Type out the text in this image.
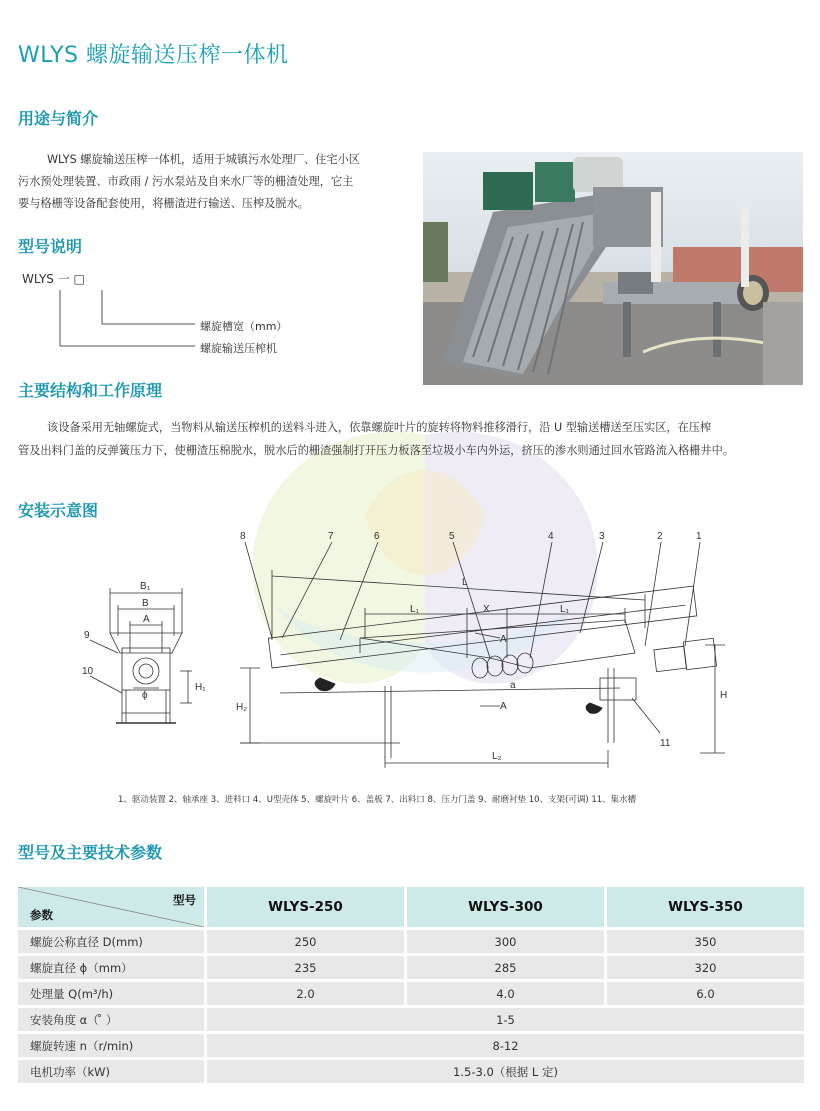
WLYS 螺旋输送压榨一体机
用途与简介
WLYS 螺旋输送压榨一体机，适用于城镇污水处理厂、住宅小区
污水预处理装置、市政雨 / 污水泵站及自来水厂等的栅渣处理，它主
要与格栅等设备配套使用，将栅渣进行输送、压榨及脱水。
型号说明
WLYS 一 □
螺旋槽宽（mm）
螺旋输送压榨机
主要结构和工作原理
该设备采用无轴螺旋式，当物料从输送压榨机的送料斗进入，依靠螺旋叶片的旋转将物料推移滑行，沿 U 型输送槽送至压实区，在压榨
管及出料门盖的反弹簧压力下，使栅渣压棉脱水，脱水后的栅渣强制打开压力板落至垃圾小车内外运，挤压的渗水则通过回水管路流入格栅井中。
安装示意图
B₁
B
A
ϕ
H₁
9
10
8	7	6	5	4	3	2	1
11
L
L₁	X	L₁
A
A
a
H
H₂
L₂
1、驱动装置 2、轴承座 3、进料口 4、U型壳体 5、螺旋叶片 6、盖板 7、出料口 8、压力门盖 9、耐磨衬垫 10、支架(可调) 11、集水槽
型号及主要技术参数
型号
参数	WLYS-250	WLYS-300	WLYS-350
螺旋公称直径 D(mm)	250	300	350
螺旋直径 ϕ（mm）	235	285	320
处理量 Q(m³/h)	2.0	4.0	6.0
安装角度 α（ ̊ ）	1-5		
螺旋转速 n（r/min)	8-12		
电机功率（kW)	1.5-3.0（根据 L 定)		
